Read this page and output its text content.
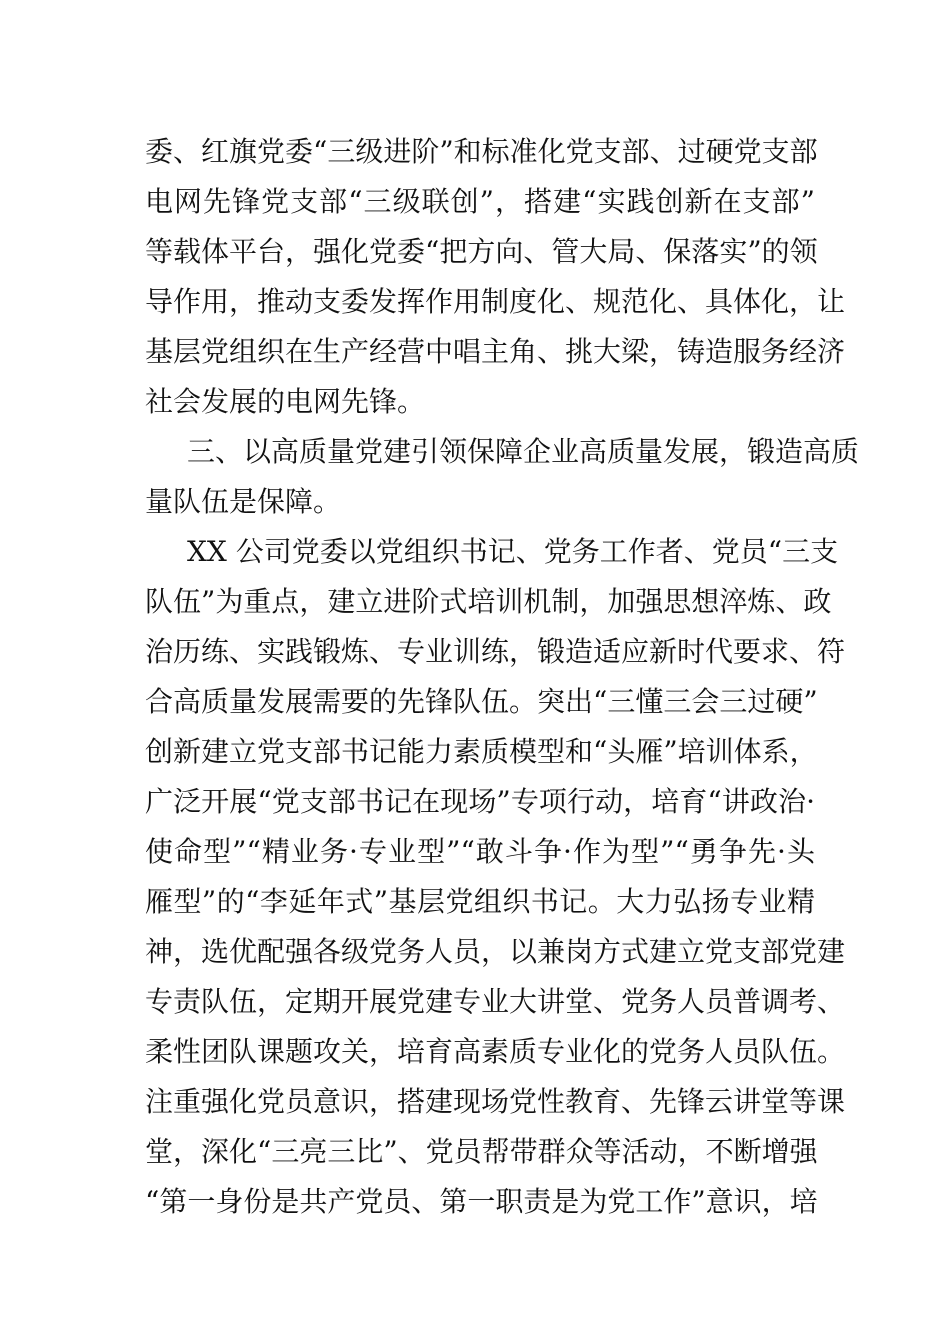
委、红旗党委“三级进阶”和标准化党支部、过硬党支部
电网先锋党支部“三级联创”，搭建“实践创新在支部”
等载体平台，强化党委“把方向、管大局、保落实”的领
导作用，推动支委发挥作用制度化、规范化、具体化，让
基层党组织在生产经营中唱主角、挑大梁，铸造服务经济
社会发展的电网先锋。
三、以高质量党建引领保障企业高质量发展，锻造高质
量队伍是保障。
XX 公司党委以党组织书记、党务工作者、党员“三支
队伍”为重点，建立进阶式培训机制，加强思想淬炼、政
治历练、实践锻炼、专业训练，锻造适应新时代要求、符
合高质量发展需要的先锋队伍。突出“三懂三会三过硬”
创新建立党支部书记能力素质模型和“头雁”培训体系，
广泛开展“党支部书记在现场”专项行动，培育“讲政治·
使命型”“精业务·专业型”“敢斗争·作为型”“勇争先·头
雁型”的“李延年式”基层党组织书记。大力弘扬专业精
神，选优配强各级党务人员，以兼岗方式建立党支部党建
专责队伍，定期开展党建专业大讲堂、党务人员普调考、
柔性团队课题攻关，培育高素质专业化的党务人员队伍。
注重强化党员意识，搭建现场党性教育、先锋云讲堂等课
堂，深化“三亮三比”、党员帮带群众等活动，不断增强
“第一身份是共产党员、第一职责是为党工作”意识，培
